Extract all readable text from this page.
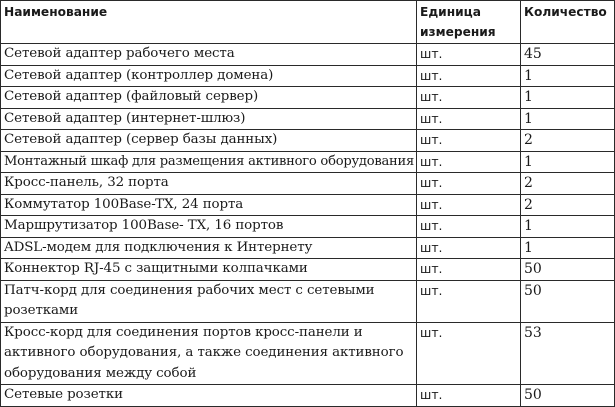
Наименование	Единица измерения	Количество
Сетевой адаптер рабочего места	шт.	45
Сетевой адаптер (контроллер домена)	шт.	1
Сетевой адаптер (файловый сервер)	шт.	1
Сетевой адаптер (интернет-шлюз)	шт.	1
Сетевой адаптер (сервер базы данных)	шт.	2
Монтажный шкаф для размещения активного оборудования	шт.	1
Кросс-панель, 32 порта	шт.	2
Коммутатор 100Base-TX, 24 порта	шт.	2
Маршрутизатор 100Base- TX, 16 портов	шт.	1
ADSL-модем для подключения к Интернету	шт.	1
Коннектор RJ-45 с защитными колпачками	шт.	50
Патч-корд для соединения рабочих мест с сетевыми розетками	шт.	50
Кросс-корд для соединения портов кросс-панели и активного оборудования, а также соединения активного оборудования между собой	шт.	53
Сетевые розетки	шт.	50
